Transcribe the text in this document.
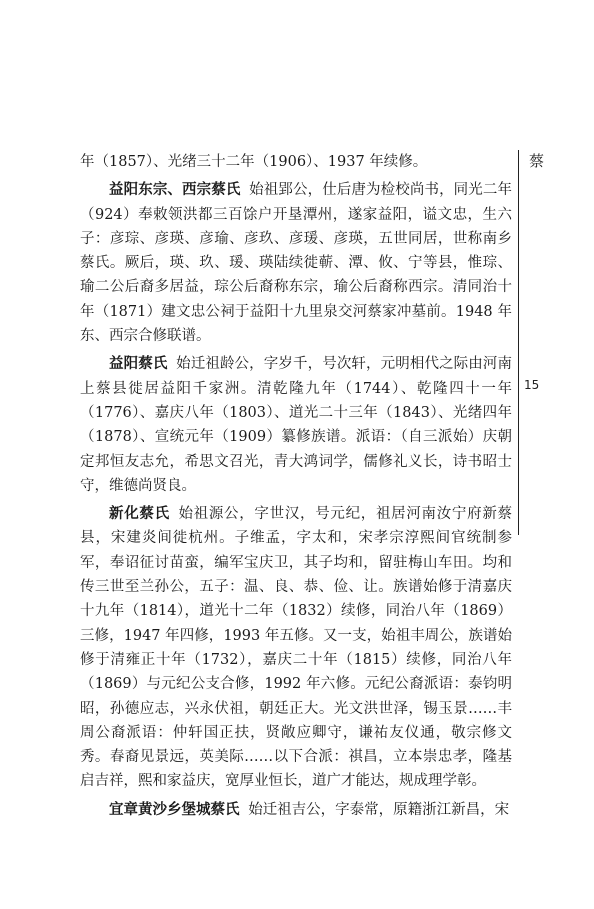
年（1857）、光绪三十二年（1906）、1937 年续修。

益阳东宗、西宗蔡氏 始祖郢公，仕后唐为检校尚书，同光二年（924）奉敕领洪都三百馀户开垦潭州，遂家益阳，谥文忠，生六子：彦琮、彦瑛、彦瑜、彦玖、彦瑗、彦瑛，五世同居，世称南乡蔡氏。厥后，瑛、玖、瑗、瑛陆续徙蕲、潭、攸、宁等县，惟琮、瑜二公后裔多居益，琮公后裔称东宗，瑜公后裔称西宗。清同治十年（1871）建文忠公祠于益阳十九里泉交河蔡家冲墓前。1948 年东、西宗合修联谱。

益阳蔡氏 始迁祖龄公，字岁千，号次轩，元明相代之际由河南上蔡县徙居益阳千家洲。清乾隆九年（1744）、乾隆四十一年（1776）、嘉庆八年（1803）、道光二十三年（1843）、光绪四年（1878）、宣统元年（1909）纂修族谱。派语：（自三派始）庆朝定邦恒友志允，希思文召光，青大鸿词学，儒修礼义长，诗书昭士守，维德尚贤良。

新化蔡氏 始祖源公，字世汉，号元纪，祖居河南汝宁府新蔡县，宋建炎间徙杭州。子维孟，字太和，宋孝宗淳熙间官统制参军，奉诏征讨苗蛮，编军宝庆卫，其子均和，留驻梅山车田。均和传三世至兰孙公，五子：温、良、恭、俭、让。族谱始修于清嘉庆十九年（1814），道光十二年（1832）续修，同治八年（1869）三修，1947 年四修，1993 年五修。又一支，始祖丰周公，族谱始修于清雍正十年（1732），嘉庆二十年（1815）续修，同治八年（1869）与元纪公支合修，1992 年六修。元纪公裔派语：泰钧明昭，孙德应志，兴永伏祖，朝廷正大。光文洪世泽，锡玉景……丰周公裔派语：仲轩国正扶，贤敞应卿守，谦祐友仪通，敬宗修文秀。春裔见景远，英美际……以下合派：祺昌，立本崇忠孝，隆基启吉祥，熙和家益庆，宽厚业恒长，道广才能达，规成理学彰。

宜章黄沙乡堡城蔡氏 始迁祖吉公，字泰常，原籍浙江新昌，宋

蔡
15
